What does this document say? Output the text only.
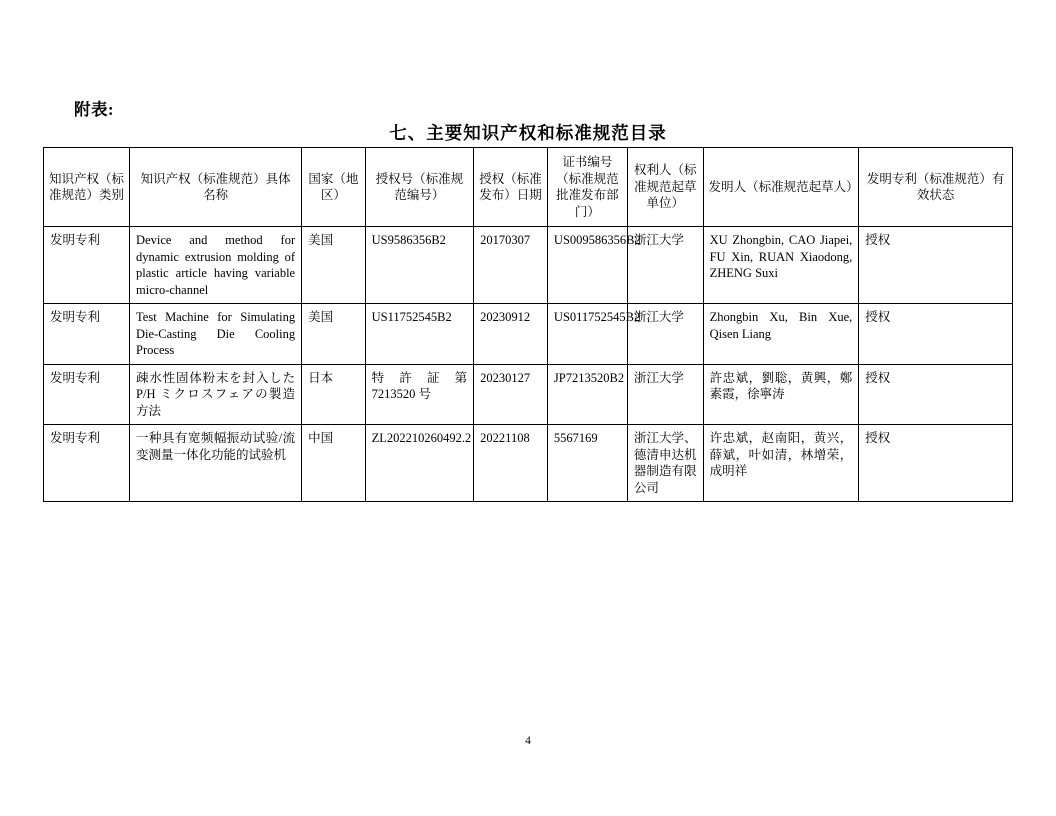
附表:
七、主要知识产权和标准规范目录
知识产权（标准规范）类别	知识产权（标准规范）具体名称	国家（地区）	授权号（标准规范编号）	授权（标准发布）日期	证书编号（标准规范批准发布部门）	权利人（标准规范起草单位）	发明人（标准规范起草人）	发明专利（标准规范）有效状态
发明专利	Device and method for dynamic extrusion molding of plastic article having variable micro-channel	美国	US9586356B2	20170307	US009586356B2	浙江大学	XU Zhongbin, CAO Jiapei, FU Xin, RUAN Xiaodong, ZHENG Suxi	授权
发明专利	Test Machine for Simulating Die-Casting Die Cooling Process	美国	US11752545B2	20230912	US011752545B2	浙江大学	Zhongbin Xu, Bin Xue, Qisen Liang	授权
发明专利	疎水性固体粉末を封入した P/H ミクロスフェアの製造方法	日本	特許証第 7213520 号	20230127	JP7213520B2	浙江大学	許忠斌，劉聡，黄興，鄭素霞，徐寧涛	授权
发明专利	一种具有宽频幅振动试验/流变测量一体化功能的试验机	中国	ZL202210260492.2	20221108	5567169	浙江大学、德清申达机器制造有限公司	许忠斌，赵南阳，黄兴，薛斌，叶如清，林增荣，成明祥	授权
4
